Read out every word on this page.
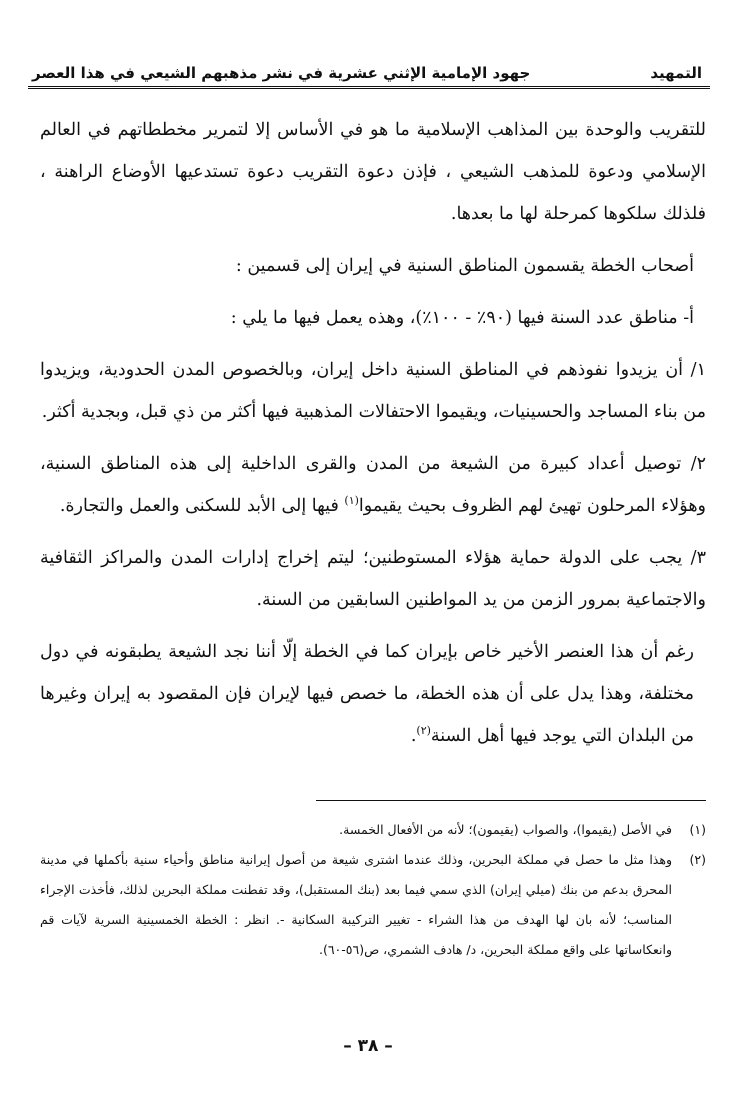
التمهيد
جهود الإمامية الإثني عشرية في نشر مذهبهم الشيعي في هذا العصر

للتقريب والوحدة بين المذاهب الإسلامية ما هو في الأساس إلا لتمرير مخططاتهم في العالم الإسلامي ودعوة للمذهب الشيعي ، فإذن دعوة التقريب دعوة تستدعيها الأوضاع الراهنة ، فلذلك سلكوها كمرحلة لها ما بعدها.

أصحاب الخطة يقسمون المناطق السنية في إيران إلى قسمين :

أ- مناطق عدد السنة فيها (٩٠٪ - ١٠٠٪)، وهذه يعمل فيها ما يلي :

١/ أن يزيدوا نفوذهم في المناطق السنية داخل إيران، وبالخصوص المدن الحدودية، ويزيدوا من بناء المساجد والحسينيات، ويقيموا الاحتفالات المذهبية فيها أكثر من ذي قبل، وبجدية أكثر.

٢/ توصيل أعداد كبيرة من الشيعة من المدن والقرى الداخلية إلى هذه المناطق السنية، وهؤلاء المرحلون تهيئ لهم الظروف بحيث يقيموا$^{(١)}$ فيها إلى الأبد للسكنى والعمل والتجارة.

٣/ يجب على الدولة حماية هؤلاء المستوطنين؛ ليتم إخراج إدارات المدن والمراكز الثقافية والاجتماعية بمرور الزمن من يد المواطنين السابقين من السنة.

رغم أن هذا العنصر الأخير خاص بإيران كما في الخطة إلّا أننا نجد الشيعة يطبقونه في دول مختلفة، وهذا يدل على أن هذه الخطة، ما خصص فيها لإيران فإن المقصود به إيران وغيرها من البلدان التي يوجد فيها أهل السنة$^{(٢)}$.

(١)
في الأصل (يقيموا)، والصواب (يقيمون)؛ لأنه من الأفعال الخمسة.
(٢)
وهذا مثل ما حصل في مملكة البحرين، وذلك عندما اشترى شيعة من أصول إيرانية مناطق وأحياء سنية بأكملها في مدينة المحرق بدعم من بنك (ميلي إيران) الذي سمي فيما بعد (بنك المستقبل)، وقد تفطنت مملكة البحرين لذلك، فأخذت الإجراء المناسب؛ لأنه بان لها الهدف من هذا الشراء - تغيير التركيبة السكانية -. انظر : الخطة الخمسينية السرية لآيات قم وانعكاساتها على واقع مملكة البحرين، د/ هادف الشمري، ص(٥٦-٦٠).
– ٣٨ –
